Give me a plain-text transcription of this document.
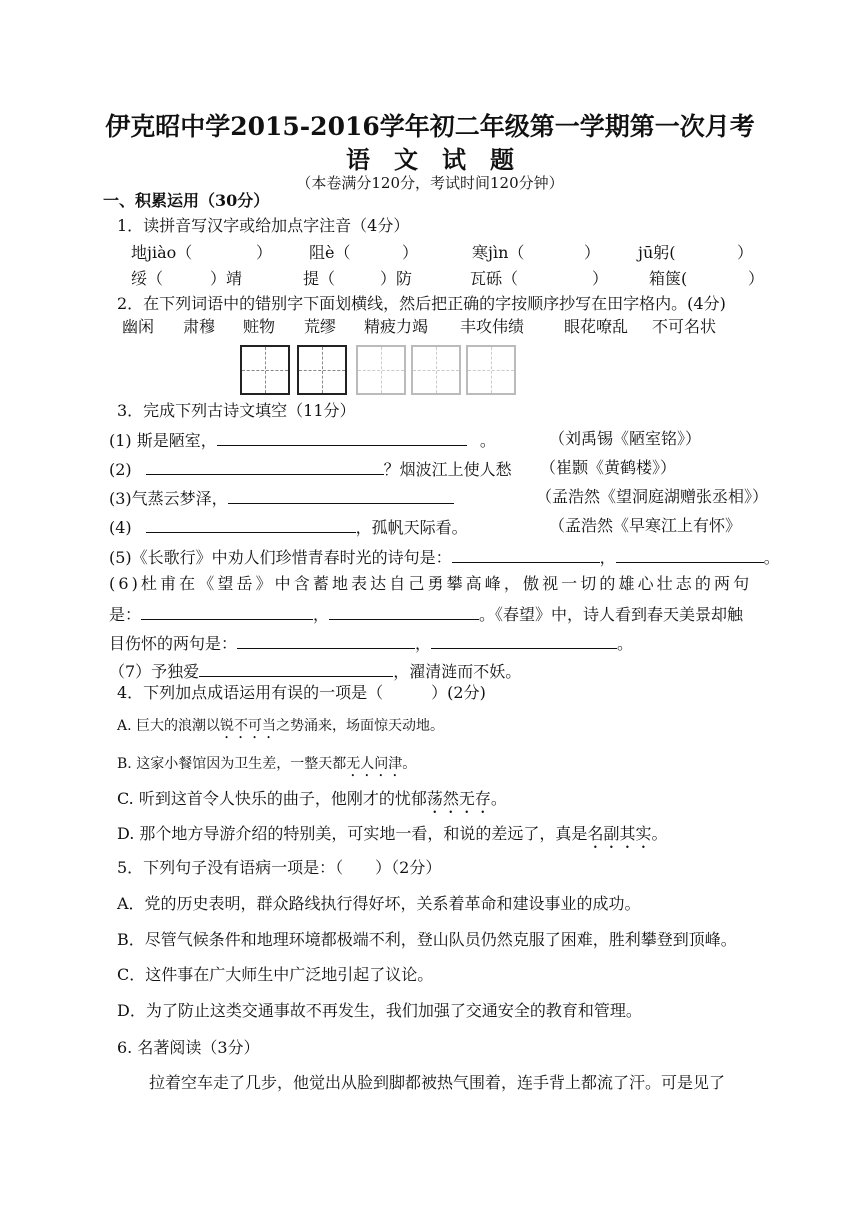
伊克昭中学2015-2016学年初二年级第一学期第一次月考
语　文　试　题
（本卷满分120分，考试时间120分钟）
一、积累运用（30分）
1．读拼音写汉字或给加点字注音（4分）
地jiào（	） 阻è（	）	寒jìn（	） jū躬(	）
绥（	）靖	提（	）防	瓦砾（	）	箱箧(	）
2．在下列词语中的错别字下面划横线，然后把正确的字按顺序抄写在田字格内。(4分)
幽闲 肃穆 赃物 荒缪 精疲力竭 丰攻伟绩 眼花嘹乱 不可名状
3．完成下列古诗文填空（11分）
(1) 斯是陋室，	。	（刘禹锡《陋室铭》）
(2)	？烟波江上使人愁 （崔颢《黄鹤楼》）
(3)气蒸云梦泽，	（孟浩然《望洞庭湖赠张丞相》）
(4)	，孤帆天际看。	（孟浩然《早寒江上有怀》
(5)《长歌行》中劝人们珍惜青春时光的诗句是：	，	。
(6)杜甫在《望岳》中含蓄地表达自己勇攀高峰，傲视一切的雄心壮志的两句
是：	，	。《春望》中，诗人看到春天美景却触
目伤怀的两句是：	，	。
（7）予独爱	，濯清涟而不妖。
4．下列加点成语运用有误的一项是（　　　）(2分)
A. 巨大的浪潮以锐不可当之势涌来，场面惊天动地。
B. 这家小餐馆因为卫生差，一整天都无人问津。
C. 听到这首令人快乐的曲子，他刚才的忧郁荡然无存。
D. 那个地方导游介绍的特别美，可实地一看，和说的差远了，真是名副其实。
5．下列句子没有语病一项是：（　　）（2分）
A．党的历史表明，群众路线执行得好坏，关系着革命和建设事业的成功。
B．尽管气候条件和地理环境都极端不利，登山队员仍然克服了困难，胜利攀登到顶峰。
C．这件事在广大师生中广泛地引起了议论。
D．为了防止这类交通事故不再发生，我们加强了交通安全的教育和管理。
6. 名著阅读（3分）
拉着空车走了几步，他觉出从脸到脚都被热气围着，连手背上都流了汗。可是见了
